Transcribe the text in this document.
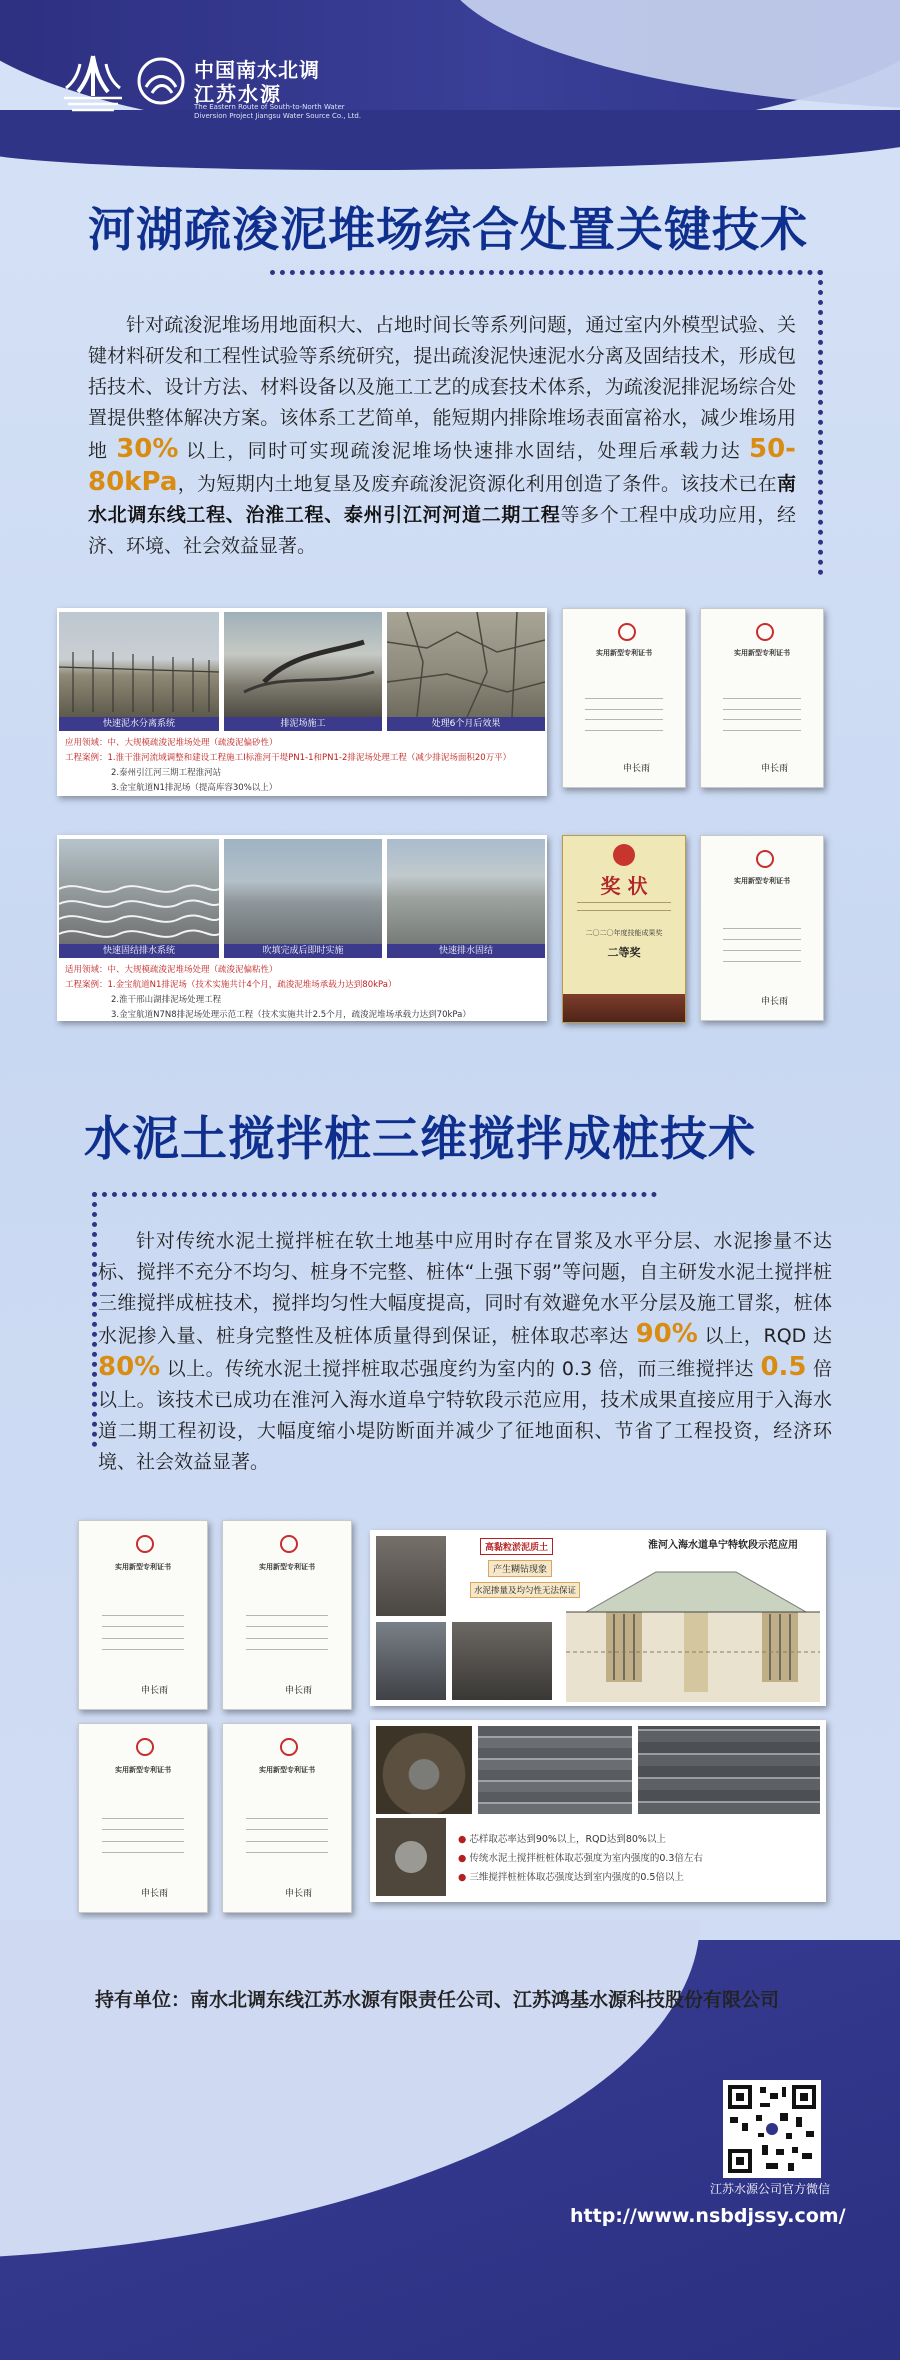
中国南水北调
江苏水源
The Eastern Route of South-to-North Water Diversion Project Jiangsu Water Source Co., Ltd.
河湖疏浚泥堆场综合处置关键技术
针对疏浚泥堆场用地面积大、占地时间长等系列问题，通过室内外模型试验、关键材料研发和工程性试验等系统研究，提出疏浚泥快速泥水分离及固结技术，形成包括技术、设计方法、材料设备以及施工工艺的成套技术体系，为疏浚泥排泥场综合处置提供整体解决方案。该体系工艺简单，能短期内排除堆场表面富裕水，减少堆场用地 30% 以上，同时可实现疏浚泥堆场快速排水固结，处理后承载力达 50-80kPa，为短期内土地复垦及废弃疏浚泥资源化利用创造了条件。该技术已在南水北调东线工程、治淮工程、泰州引江河河道二期工程等多个工程中成功应用，经济、环境、社会效益显著。
快速泥水分离系统	排泥场施工	处理6个月后效果
应用领域：中、大规模疏浚泥堆场处理（疏浚泥偏砂性）
工程案例：1.淮干淮河流域调整和建设工程施工I标淮河干堤PN1-1和PN1-2排泥场处理工程（减少排泥场面积20万平）
2.泰州引江河三期工程淮河站
3.金宝航道N1排泥场（提高库容30%以上）
实用新型专利证书
申长雨
实用新型专利证书
申长雨
快速固结排水系统	吹填完成后即时实施	快速排水固结
适用领域：中、大规模疏浚泥堆场处理（疏浚泥偏粘性）
工程案例：1.金宝航道N1排泥场（技术实施共计4个月，疏浚泥堆场承载力达到80kPa）
2.淮干邢山湖排泥场处理工程
3.金宝航道N7N8排泥场处理示范工程（技术实施共计2.5个月，疏浚泥堆场承载力达到70kPa）
奖 状
二〇二〇年度技能成果奖
二等奖
实用新型专利证书
申长雨
水泥土搅拌桩三维搅拌成桩技术
针对传统水泥土搅拌桩在软土地基中应用时存在冒浆及水平分层、水泥掺量不达标、搅拌不充分不均匀、桩身不完整、桩体“上强下弱”等问题，自主研发水泥土搅拌桩三维搅拌成桩技术，搅拌均匀性大幅度提高，同时有效避免水平分层及施工冒浆，桩体水泥掺入量、桩身完整性及桩体质量得到保证，桩体取芯率达 90% 以上，RQD 达 80% 以上。传统水泥土搅拌桩取芯强度约为室内的 0.3 倍，而三维搅拌达 0.5 倍以上。该技术已成功在淮河入海水道阜宁特软段示范应用，技术成果直接应用于入海水道二期工程初设，大幅度缩小堤防断面并减少了征地面积、节省了工程投资，经济环境、社会效益显著。
实用新型专利证书
申长雨
实用新型专利证书
申长雨
实用新型专利证书
申长雨
实用新型专利证书
申长雨
高黏粒淤泥质土
产生糊钻现象
水泥掺量及均匀性无法保证
淮河入海水道阜宁特软段示范应用
● 芯样取芯率达到90%以上，RQD达到80%以上
● 传统水泥土搅拌桩桩体取芯强度为室内强度的0.3倍左右
● 三维搅拌桩桩体取芯强度达到室内强度的0.5倍以上
持有单位：南水北调东线江苏水源有限责任公司、江苏鸿基水源科技股份有限公司
江苏水源公司官方微信
http://www.nsbdjssy.com/
